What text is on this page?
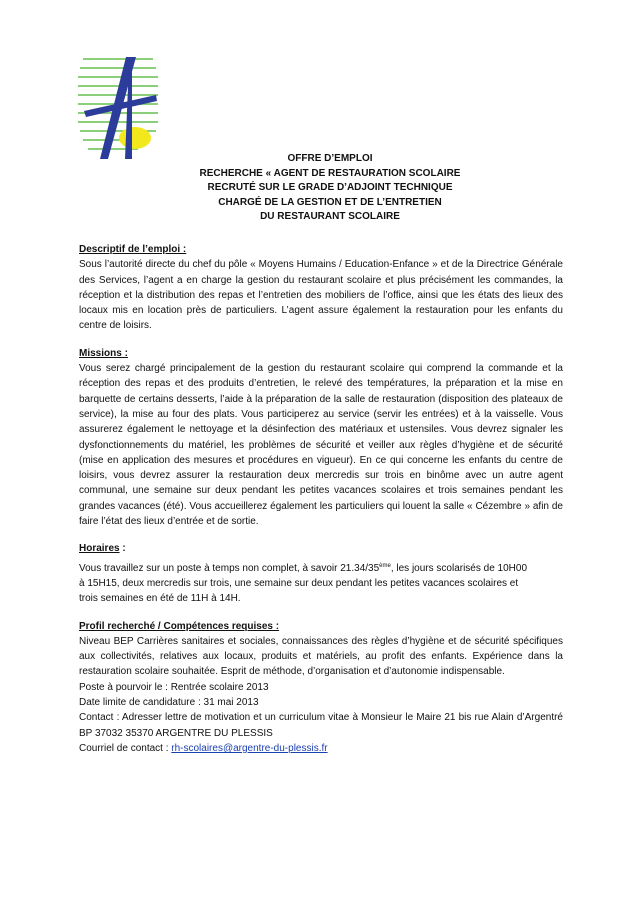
OFFRE D’EMPLOI
RECHERCHE « AGENT DE RESTAURATION SCOLAIRE
RECRUTÉ SUR LE GRADE D’ADJOINT TECHNIQUE
CHARGÉ DE LA GESTION ET DE L’ENTRETIEN
DU RESTAURANT SCOLAIRE
Descriptif de l’emploi :
Sous l’autorité directe du chef du pôle « Moyens Humains / Education-Enfance » et de la Directrice Générale des Services, l’agent a en charge la gestion du restaurant scolaire et plus précisément les commandes, la réception et la distribution des repas et l’entretien des mobiliers de l’office, ainsi que les états des lieux des locaux mis en location près de particuliers. L’agent assure également la restauration pour les enfants du centre de loisirs.
Missions :
Vous serez chargé principalement de la gestion du restaurant scolaire qui comprend la commande et la réception des repas et des produits d’entretien, le relevé des températures, la préparation et la mise en barquette de certains desserts, l’aide à la préparation de la salle de restauration (disposition des plateaux de service), la mise au four des plats. Vous participerez au service (servir les entrées) et à la vaisselle. Vous assurerez également le nettoyage et la désinfection des matériaux et ustensiles. Vous devrez signaler les dysfonctionnements du matériel, les problèmes de sécurité et veiller aux règles d’hygiène et de sécurité (mise en application des mesures et procédures en vigueur). En ce qui concerne les enfants du centre de loisirs, vous devrez assurer la restauration deux mercredis sur trois en binôme avec un autre agent communal, une semaine sur deux pendant les petites vacances scolaires et trois semaines pendant les grandes vacances (été). Vous accueillerez également les particuliers qui louent la salle « Cézembre » afin de faire l’état des lieux d’entrée et de sortie.
Horaires :
Vous travaillez sur un poste à temps non complet, à savoir 21.34/35ème, les jours scolarisés de 10H00
à 15H15, deux mercredis sur trois, une semaine sur deux pendant les petites vacances scolaires et
trois semaines en été de 11H à 14H.
Profil recherché / Compétences requises :
Niveau BEP Carrières sanitaires et sociales, connaissances des règles d’hygiène et de sécurité spécifiques aux collectivités, relatives aux locaux, produits et matériels, au profit des enfants. Expérience dans la restauration scolaire souhaitée. Esprit de méthode, d’organisation et d’autonomie indispensable.
Poste à pourvoir le : Rentrée scolaire 2013
Date limite de candidature : 31 mai 2013
Contact : Adresser lettre de motivation et un curriculum vitae à Monsieur le Maire 21 bis rue Alain d’Argentré BP 37032 35370 ARGENTRE DU PLESSIS
Courriel de contact : rh-scolaires@argentre-du-plessis.fr
